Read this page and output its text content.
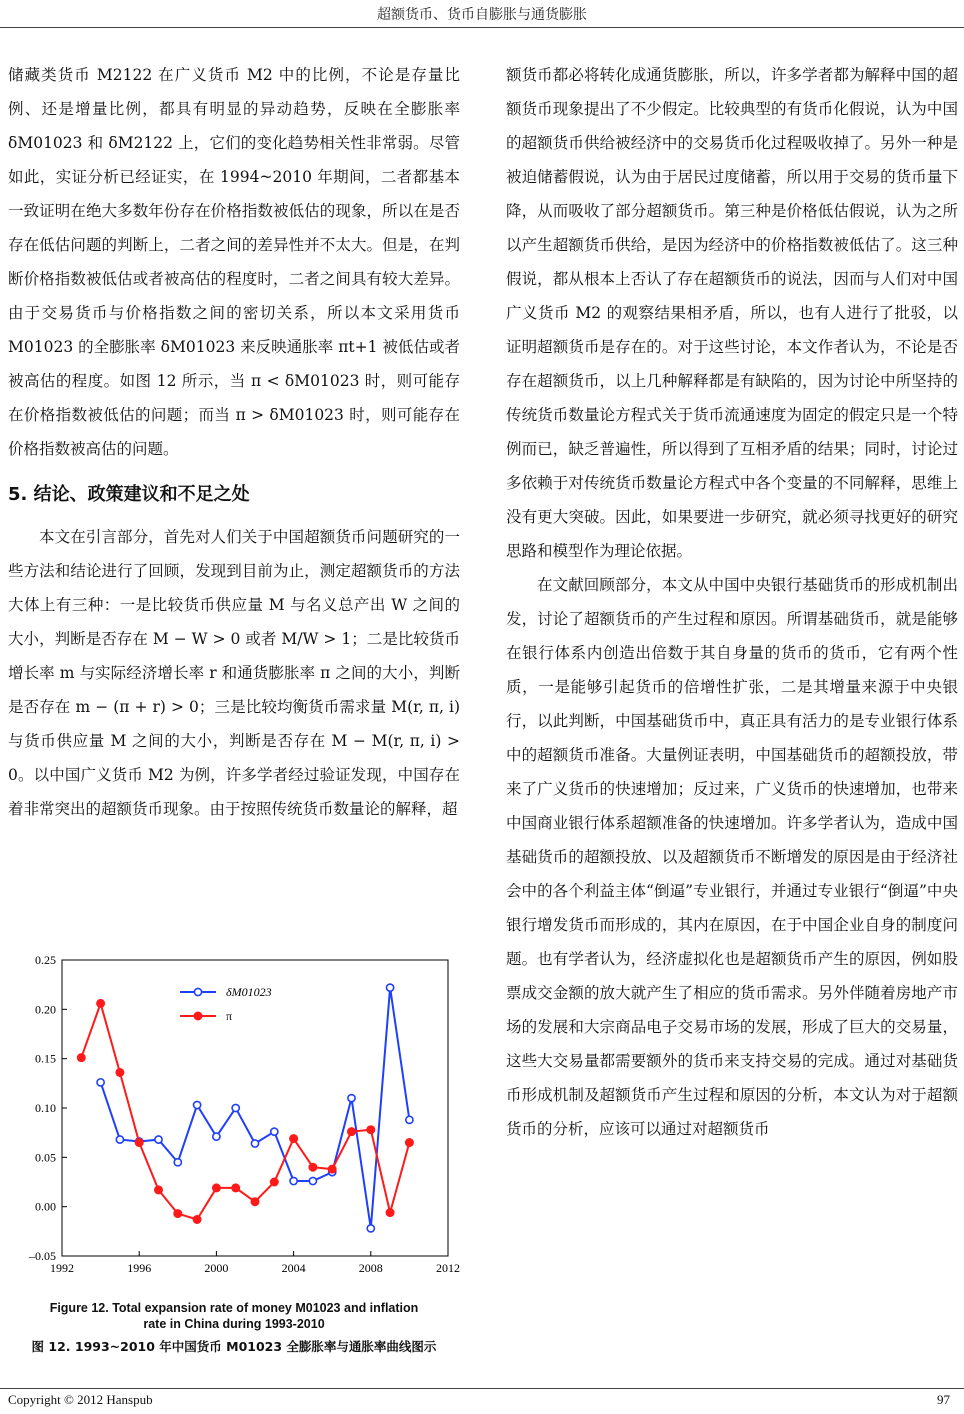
超额货币、货币自膨胀与通货膨胀

储藏类货币 M2122 在广义货币 M2 中的比例，不论是存量比例、还是增量比例，都具有明显的异动趋势，反映在全膨胀率 δM01023 和 δM2122 上，它们的变化趋势相关性非常弱。尽管如此，实证分析已经证实，在 1994~2010 年期间，二者都基本一致证明在绝大多数年份存在价格指数被低估的现象，所以在是否存在低估问题的判断上，二者之间的差异性并不太大。但是，在判断价格指数被低估或者被高估的程度时，二者之间具有较大差异。由于交易货币与价格指数之间的密切关系，所以本文采用货币 M01023 的全膨胀率 δM01023 来反映通胀率 πt+1 被低估或者被高估的程度。如图 12 所示，当 π < δM01023 时，则可能存在价格指数被低估的问题；而当 π > δM01023 时，则可能存在价格指数被高估的问题。

5. 结论、政策建议和不足之处

本文在引言部分，首先对人们关于中国超额货币问题研究的一些方法和结论进行了回顾，发现到目前为止，测定超额货币的方法大体上有三种：一是比较货币供应量 M 与名义总产出 W 之间的大小，判断是否存在 M − W > 0 或者 M/W > 1；二是比较货币增长率 m 与实际经济增长率 r 和通货膨胀率 π 之间的大小，判断是否存在 m − (π + r) > 0；三是比较均衡货币需求量 M(r, π, i) 与货币供应量 M 之间的大小，判断是否存在 M − M(r, π, i) > 0。以中国广义货币 M2 为例，许多学者经过验证发现，中国存在着非常突出的超额货币现象。由于按照传统货币数量论的解释，超

0.25
0.20
0.15
0.10
0.05
0.00
–0.05
1992	1996	2000	2004	2008	2012
δM01023
π
Figure 12. Total expansion rate of money M01023 and inflation
rate in China during 1993-2010
图 12. 1993~2010 年中国货币 M01023 全膨胀率与通胀率曲线图示

额货币都必将转化成通货膨胀，所以，许多学者都为解释中国的超额货币现象提出了不少假定。比较典型的有货币化假说，认为中国的超额货币供给被经济中的交易货币化过程吸收掉了。另外一种是被迫储蓄假说，认为由于居民过度储蓄，所以用于交易的货币量下降，从而吸收了部分超额货币。第三种是价格低估假说，认为之所以产生超额货币供给，是因为经济中的价格指数被低估了。这三种假说，都从根本上否认了存在超额货币的说法，因而与人们对中国广义货币 M2 的观察结果相矛盾，所以，也有人进行了批驳，以证明超额货币是存在的。对于这些讨论，本文作者认为，不论是否存在超额货币，以上几种解释都是有缺陷的，因为讨论中所坚持的传统货币数量论方程式关于货币流通速度为固定的假定只是一个特例而已，缺乏普遍性，所以得到了互相矛盾的结果；同时，讨论过多依赖于对传统货币数量论方程式中各个变量的不同解释，思维上没有更大突破。因此，如果要进一步研究，就必须寻找更好的研究思路和模型作为理论依据。

在文献回顾部分，本文从中国中央银行基础货币的形成机制出发，讨论了超额货币的产生过程和原因。所谓基础货币，就是能够在银行体系内创造出倍数于其自身量的货币的货币，它有两个性质，一是能够引起货币的倍增性扩张，二是其增量来源于中央银行，以此判断，中国基础货币中，真正具有活力的是专业银行体系中的超额货币准备。大量例证表明，中国基础货币的超额投放，带来了广义货币的快速增加；反过来，广义货币的快速增加，也带来中国商业银行体系超额准备的快速增加。许多学者认为，造成中国基础货币的超额投放、以及超额货币不断增发的原因是由于经济社会中的各个利益主体“倒逼”专业银行，并通过专业银行“倒逼”中央银行增发货币而形成的，其内在原因，在于中国企业自身的制度问题。也有学者认为，经济虚拟化也是超额货币产生的原因，例如股票成交金额的放大就产生了相应的货币需求。另外伴随着房地产市场的发展和大宗商品电子交易市场的发展，形成了巨大的交易量，这些大交易量都需要额外的货币来支持交易的完成。通过对基础货币形成机制及超额货币产生过程和原因的分析，本文认为对于超额货币的分析，应该可以通过对超额货币

Copyright © 2012 Hanspub	97
